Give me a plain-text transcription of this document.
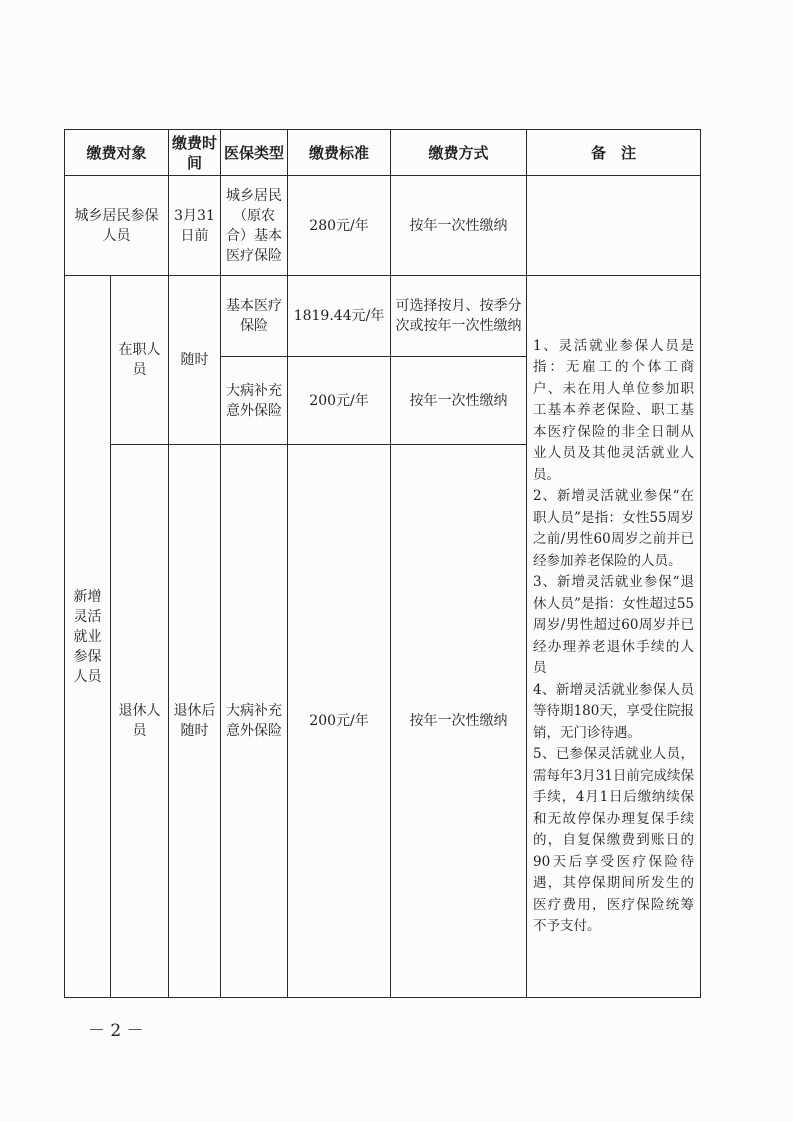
缴费对象		缴费时间	医保类型	缴费标准	缴费方式	备　注
城乡居民参保人员		3月31日前	城乡居民（原农合）基本医疗保险	280元/年	按年一次性缴纳	
新增灵活就业参保人员	在职人员	随时	基本医疗保险	1819.44元/年	可选择按月、按季分次或按年一次性缴纳	1、灵活就业参保人员是指：无雇工的个体工商户、未在用人单位参加职工基本养老保险、职工基本医疗保险的非全日制从业人员及其他灵活就业人员。
2、新增灵活就业参保“在职人员”是指：女性55周岁之前/男性60周岁之前并已经参加养老保险的人员。
3、新增灵活就业参保“退休人员”是指：女性超过55周岁/男性超过60周岁并已经办理养老退休手续的人员
4、新增灵活就业参保人员等待期180天，享受住院报销，无门诊待遇。
5、已参保灵活就业人员，需每年3月31日前完成续保手续，4月1日后缴纳续保和无故停保办理复保手续的，自复保缴费到账日的90天后享受医疗保险待遇，其停保期间所发生的医疗费用，医疗保险统筹不予支付。

			大病补充意外保险	200元/年	按年一次性缴纳	
	退休人员	退休后随时	大病补充意外保险	200元/年	按年一次性缴纳	
－ 2 －
